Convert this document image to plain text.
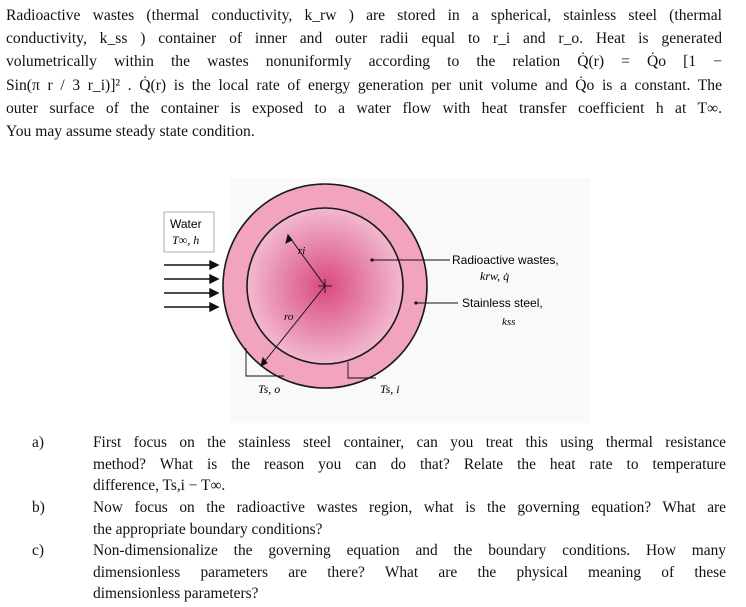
Radioactive wastes (thermal conductivity, k_rw ) are stored in a spherical, stainless steel (thermal
conductivity, k_ss ) container of inner and outer radii equal to r_i and r_o. Heat is generated
volumetrically within the wastes nonuniformly according to the relation Q̇(r) = Q̇o [1 −
Sin(π r / 3 r_i)]² . Q̇(r) is the local rate of energy generation per unit volume and Q̇o is a constant. The
outer surface of the container is exposed to a water flow with heat transfer coefficient h at T∞.
You may assume steady state condition.
Water
T∞, h
ri
ro
Radioactive wastes,
krw, q̇
Stainless steel,
kss
Ts, o	Ts, i
a)	First focus on the stainless steel container, can you treat this using thermal resistance
method? What is the reason you can do that? Relate the heat rate to temperature
difference, Ts,i − T∞.
b)	Now focus on the radioactive wastes region, what is the governing equation? What are
the appropriate boundary conditions?
c)	Non-dimensionalize the governing equation and the boundary conditions. How many
dimensionless parameters are there? What are the physical meaning of these
dimensionless parameters?
